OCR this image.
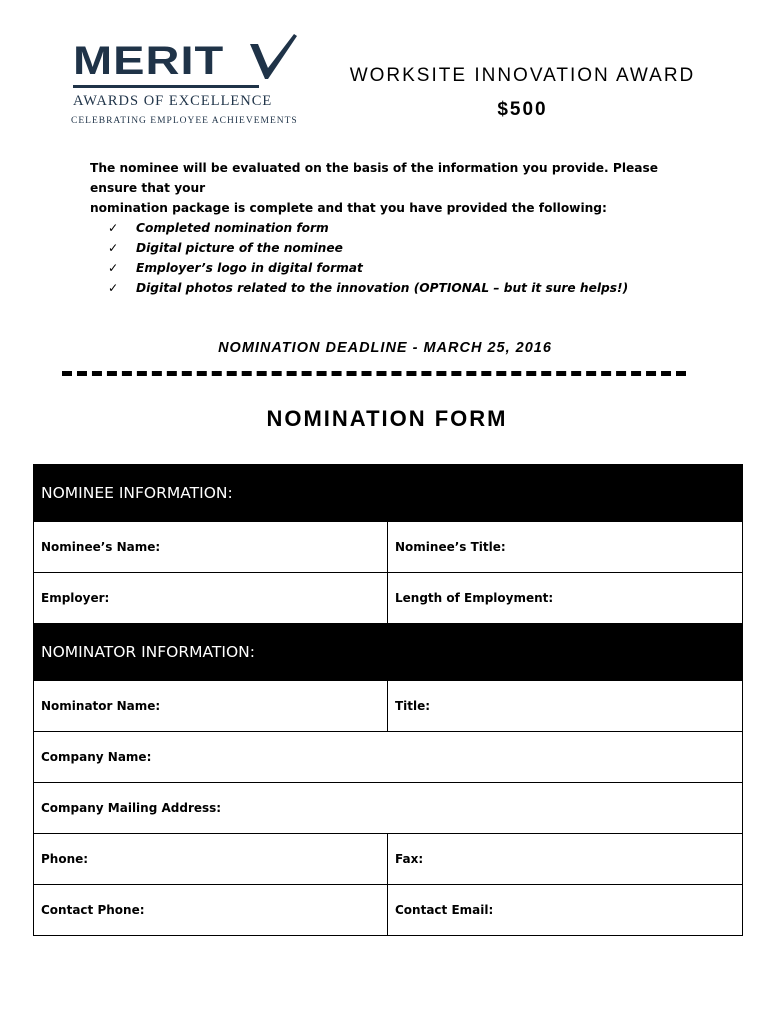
MERIT
AWARDS OF EXCELLENCE
CELEBRATING EMPLOYEE ACHIEVEMENTS
WORKSITE INNOVATION AWARD
$500
The nominee will be evaluated on the basis of the information you provide. Please ensure that your
nomination package is complete and that you have provided the following:
✓ Completed nomination form
✓ Digital picture of the nominee
✓ Employer’s logo in digital format
✓ Digital photos related to the innovation (OPTIONAL – but it sure helps!)
NOMINATION DEADLINE - MARCH 25, 2016
NOMINATION FORM
NOMINEE INFORMATION:	
Nominee’s Name:	Nominee’s Title:
Employer:	Length of Employment:
NOMINATOR INFORMATION:	
Nominator Name:	Title:
Company Name:	
Company Mailing Address:	
Phone:	Fax:
Contact Phone:	Contact Email:
